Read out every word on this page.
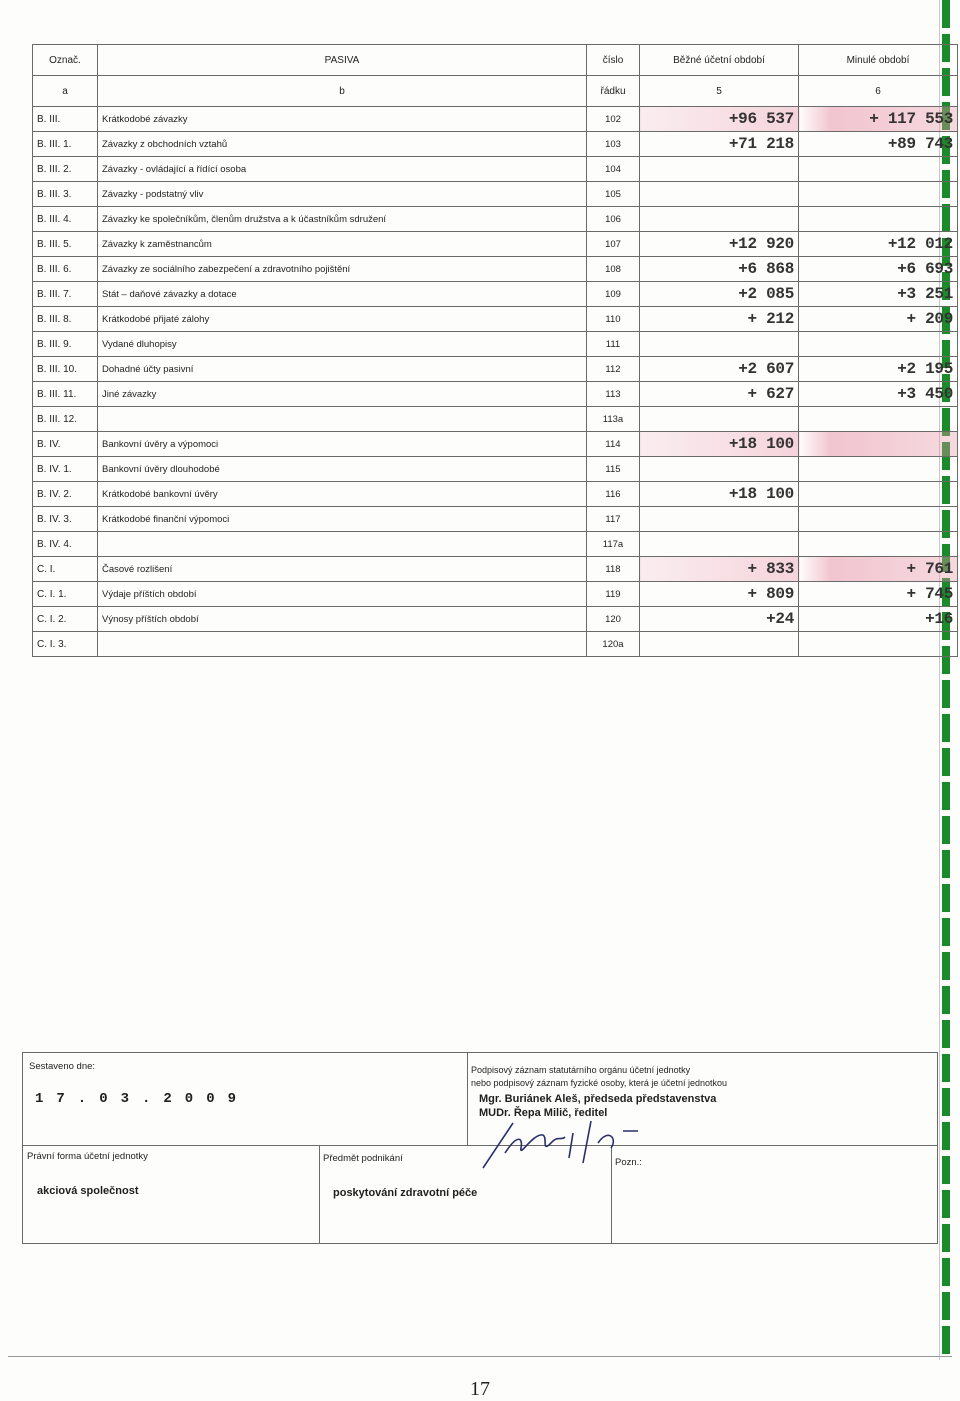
Označ.	PASIVA	číslo	Běžné účetní období	Minulé období
a	b	řádku	5	6
B. III.	Krátkodobé závazky	102	+96 537	+ 117 553
B. III. 1.	Závazky z obchodních vztahů	103	+71 218	+89 743
B. III. 2.	Závazky - ovládající a řídící osoba	104		
B. III. 3.	Závazky - podstatný vliv	105		
B. III. 4.	Závazky ke společníkům, členům družstva a k účastníkům sdružení	106		
B. III. 5.	Závazky k zaměstnancům	107	+12 920	+12 012
B. III. 6.	Závazky ze sociálního zabezpečení a zdravotního pojištění	108	+6 868	+6 693
B. III. 7.	Stát – daňové závazky a dotace	109	+2 085	+3 251
B. III. 8.	Krátkodobé přijaté zálohy	110	+ 212	+ 209
B. III. 9.	Vydané dluhopisy	111		
B. III. 10.	Dohadné účty pasivní	112	+2 607	+2 195
B. III. 11.	Jiné závazky	113	+ 627	+3 450
B. III. 12.		113a		
B. IV.	Bankovní úvěry a výpomoci	114	+18 100	
B. IV. 1.	Bankovní úvěry dlouhodobé	115		
B. IV. 2.	Krátkodobé bankovní úvěry	116	+18 100	
B. IV. 3.	Krátkodobé finanční výpomoci	117		
B. IV. 4.		117a		
C. I.	Časové rozlišení	118	+ 833	+ 761
C. I. 1.	Výdaje příštích období	119	+ 809	+ 745
C. I. 2.	Výnosy příštích období	120	+24	+16
C. I. 3.		120a		
Sestaveno dne:
17.03.2009
Podpisový záznam statutárního orgánu účetní jednotky
nebo podpisový záznam fyzické osoby, která je účetní jednotkou
Mgr. Buriánek Aleš, předseda představenstva
MUDr. Řepa Milič, ředitel
Právní forma účetní jednotky
akciová společnost
Předmět podnikání
poskytování zdravotní péče
Pozn.:
17
